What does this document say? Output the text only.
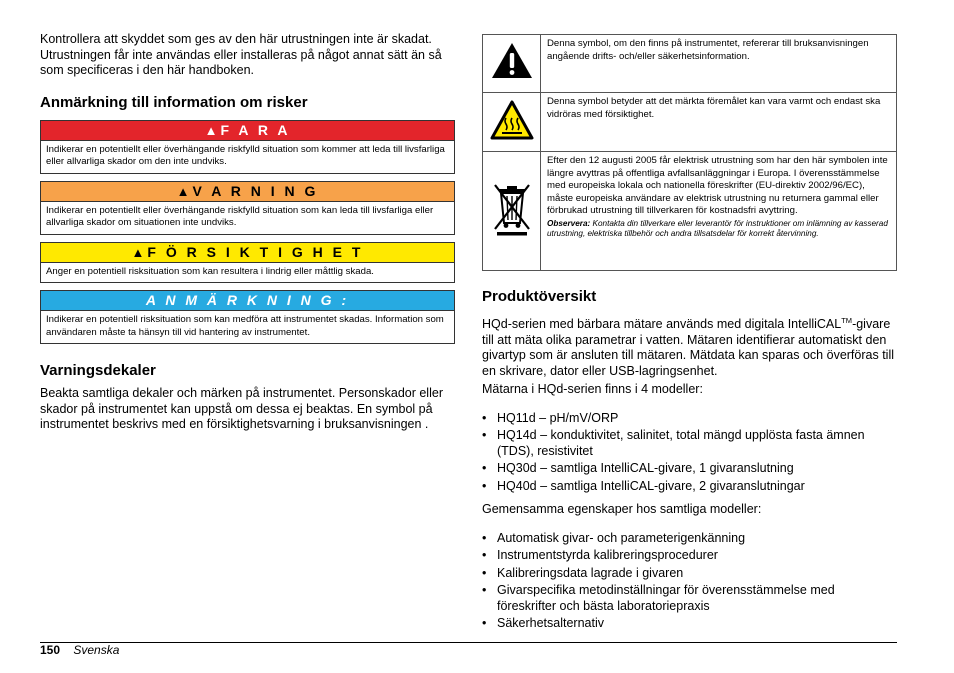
Kontrollera att skyddet som ges av den här utrustningen inte är skadat. Utrustningen får inte användas eller installeras på något annat sätt än så som specificeras i den här handboken.

Anmärkning till information om risker
▲ F A R A
Indikerar en potentiellt eller överhängande riskfylld situation som kommer att leda till livsfarliga eller allvarliga skador om den inte undviks.
▲ V A R N I N G
Indikerar en potentiellt eller överhängande riskfylld situation som kan leda till livsfarliga eller allvarliga skador om situationen inte undviks.
▲ F Ö R S I K T I G H E T
Anger en potentiell risksituation som kan resultera i lindrig eller måttlig skada.
A N M Ä R K N I N G :
Indikerar en potentiell risksituation som kan medföra att instrumentet skadas. Information som användaren måste ta hänsyn till vid hantering av instrumentet.
Varningsdekaler

Beakta samtliga dekaler och märken på instrumentet. Personskador eller skador på instrumentet kan uppstå om dessa ej beaktas. En symbol på instrumentet beskrivs med en försiktighetsvarning i bruksanvisningen .

	Denna symbol, om den finns på instrumentet, refererar till bruksanvisningen angående drifts- och/eller säkerhetsinformation.
	Denna symbol betyder att det märkta föremålet kan vara varmt och endast ska vidröras med försiktighet.

Efter den 12 augusti 2005 får elektrisk utrustning som har den här symbolen inte längre avyttras på offentliga avfallsanläggningar i Europa. I överensstämmelse med europeiska lokala och nationella föreskrifter (EU-direktiv 2002/96/EC), måste europeiska användare av elektrisk utrustning nu returnera gammal eller förbrukad utrustning till tillverkaren för kostnadsfri avyttring.
Observera: Kontakta din tillverkare eller leverantör för instruktioner om inlämning av kasserad utrustning, elektriska tillbehör och andra tillsatsdelar för korrekt återvinning.
Produktöversikt

HQd-serien med bärbara mätare används med digitala IntelliCAL™-givare till att mäta olika parametrar i vatten. Mätaren identifierar automatiskt den givartyp som är ansluten till mätaren. Mätdata kan sparas och överföras till en skrivare, dator eller USB-lagringsenhet.

Mätarna i HQd-serien finns i 4 modeller:

• HQ11d – pH/mV/ORP
• HQ14d – konduktivitet, salinitet, total mängd upplösta fasta ämnen (TDS), resistivitet
• HQ30d – samtliga IntelliCAL-givare, 1 givaranslutning
• HQ40d – samtliga IntelliCAL-givare, 2 givaranslutningar

Gemensamma egenskaper hos samtliga modeller:

• Automatisk givar- och parameterigenkänning
• Instrumentstyrda kalibreringsprocedurer
• Kalibreringsdata lagrade i givaren
• Givarspecifika metodinställningar för överensstämmelse med föreskrifter och bästa laboratoriepraxis
• Säkerhetsalternativ
150 Svenska
